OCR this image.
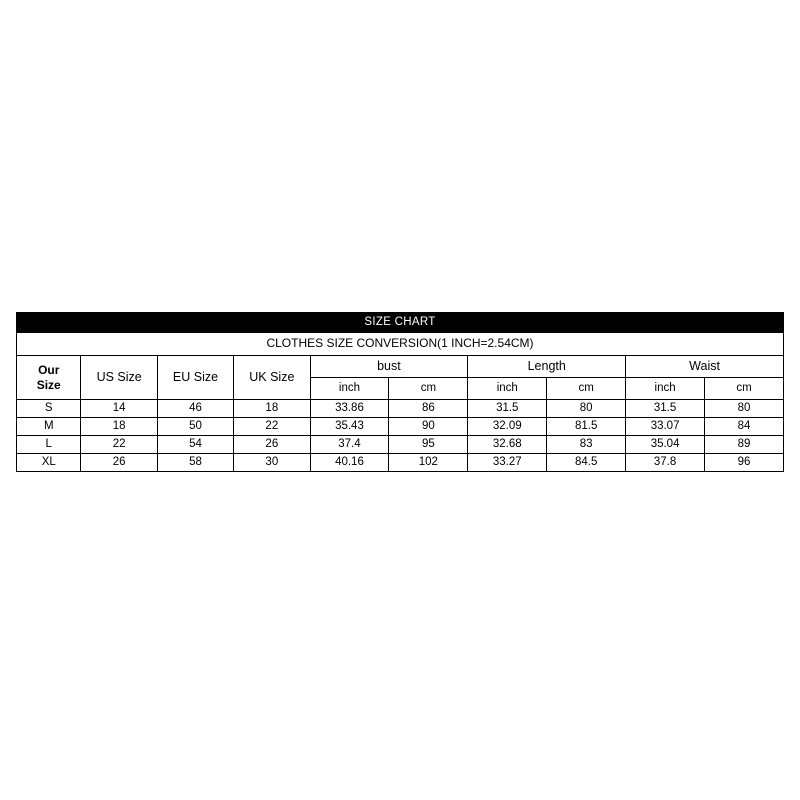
SIZE CHART									
CLOTHES SIZE CONVERSION(1 INCH=2.54CM)									
Our
Size	US Size	EU Size	UK Size	bust		Length		Waist	
				inch	cm	inch	cm	inch	cm
S	14	46	18	33.86	86	31.5	80	31.5	80
M	18	50	22	35.43	90	32.09	81.5	33.07	84
L	22	54	26	37.4	95	32.68	83	35.04	89
XL	26	58	30	40.16	102	33.27	84.5	37.8	96
